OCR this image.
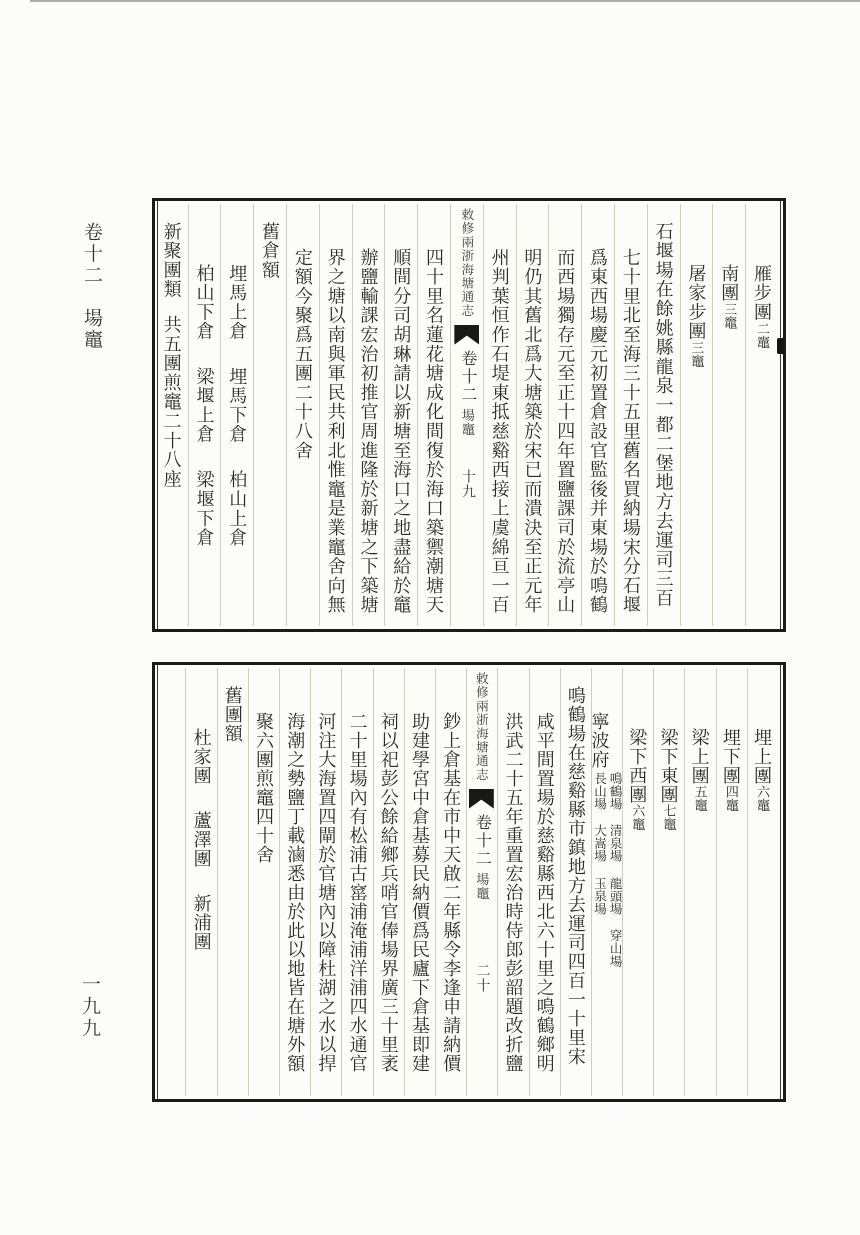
雁步團二竈
南團三竈
屠家步團三竈
石堰場在餘姚縣龍泉一都二堡地方去運司三百
七十里北至海三十五里舊名買納場宋分石堰
爲東西場慶元初置倉設官監後并東場於鳴鶴
而西場獨存元至正十四年置鹽課司於流亭山
明仍其舊北爲大塘築於宋已而潰決至正元年
州判葉恒作石堤東抵慈谿西接上虞綿亘一百
敕修兩浙海塘通志卷十二場竈十九
四十里名蓮花塘成化間復於海口築禦潮塘天
順間分司胡琳請以新塘至海口之地盡給於竈
辦鹽輸課宏治初推官周進隆於新塘之下築塘
界之塘以南與軍民共利北惟竈是業竈舍向無
定額今聚爲五團二十八舍
舊倉額
埋馬上倉埋馬下倉柏山上倉
柏山下倉梁堰上倉梁堰下倉
新聚團類共五團煎竈二十八座
埋上團六竈
埋下團四竈
梁上團五竈
梁下東團七竈
梁下西團六竈
寧波府
鳴鶴場清泉場龍頭場穿山場
長山場大嵩場玉泉場
鳴鶴場在慈谿縣市鎮地方去運司四百一十里宋
咸平間置場於慈谿縣西北六十里之鳴鶴鄉明
洪武二十五年重置宏治時侍郎彭韶題改折鹽
敕修兩浙海塘通志卷十二場竈二十
鈔上倉基在市中天啟二年縣令李逢申請納價
助建學宮中倉基募民納價爲民廬下倉基即建
祠以祀彭公餘給鄉兵哨官俸場界廣三十里袤
二十里場內有松浦古窰浦淹浦洋浦四水通官
河注大海置四閘於官塘內以障杜湖之水以捍
海潮之勢鹽丁載滷悉由於此以地皆在塘外額
聚六團煎竈四十舍
舊團額
杜家團蘆澤團新浦團
卷十二　場竈
一九九
